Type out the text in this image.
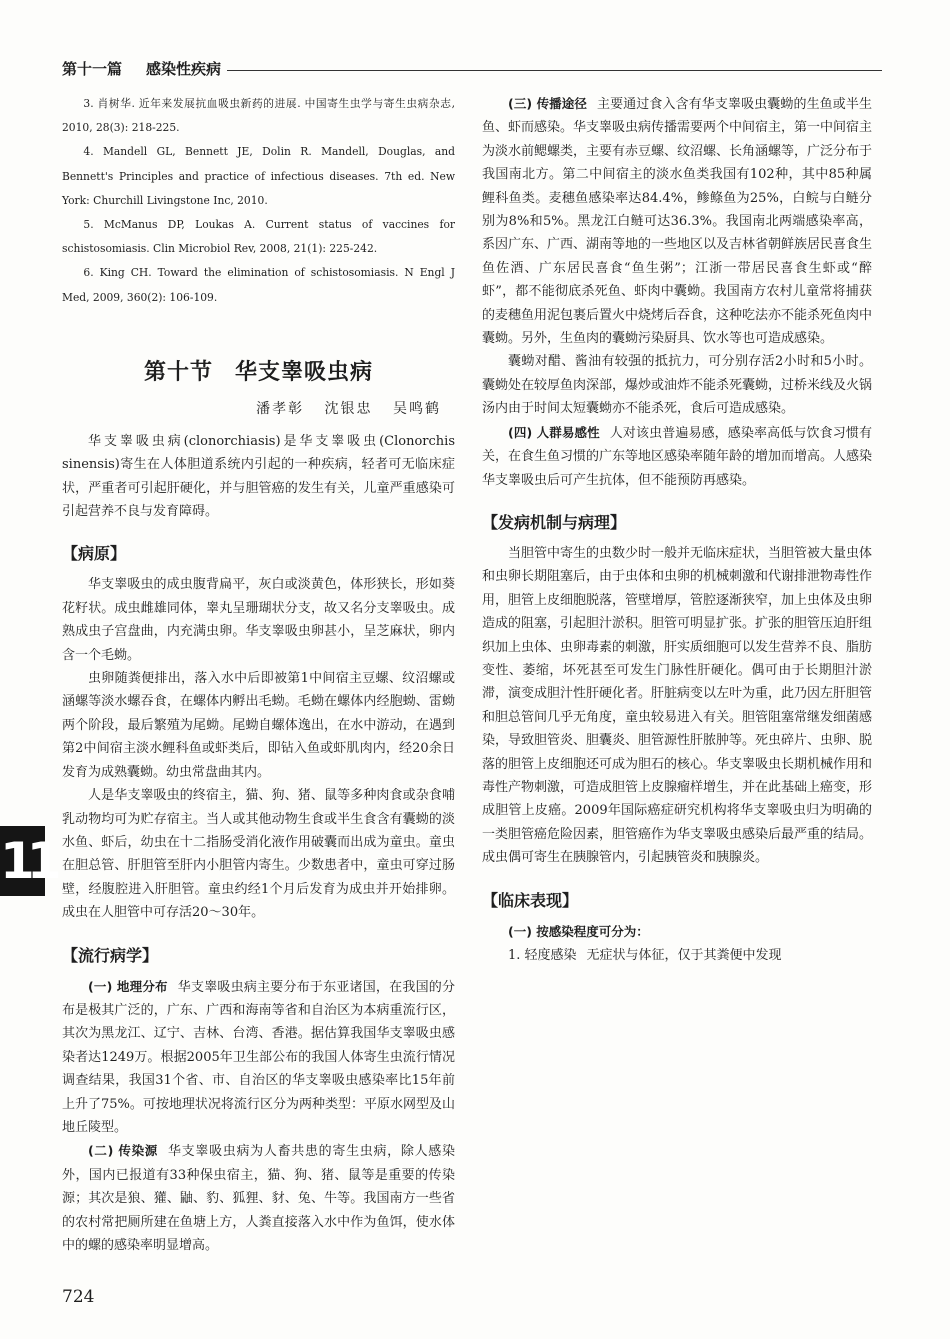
第十一篇 感染性疾病

3. 肖树华. 近年来发展抗血吸虫新药的进展. 中国寄生虫学与寄生虫病杂志, 2010, 28(3): 218-225.

4. Mandell GL, Bennett JE, Dolin R. Mandell, Douglas, and Bennett's Principles and practice of infectious diseases. 7th ed. New York: Churchill Livingstone Inc, 2010.

5. McManus DP, Loukas A. Current status of vaccines for schistosomiasis. Clin Microbiol Rev, 2008, 21(1): 225-242.

6. King CH. Toward the elimination of schistosomiasis. N Engl J Med, 2009, 360(2): 106-109.

第十节 华支睾吸虫病
潘孝彰 沈银忠 吴鸣鹤

华支睾吸虫病(clonorchiasis)是华支睾吸虫(Clonorchis sinensis)寄生在人体胆道系统内引起的一种疾病，轻者可无临床症状，严重者可引起肝硬化，并与胆管癌的发生有关，儿童严重感染可引起营养不良与发育障碍。

【病原】

华支睾吸虫的成虫腹背扁平，灰白或淡黄色，体形狭长，形如葵花籽状。成虫雌雄同体，睾丸呈珊瑚状分支，故又名分支睾吸虫。成熟成虫子宫盘曲，内充满虫卵。华支睾吸虫卵甚小，呈芝麻状，卵内含一个毛蚴。

虫卵随粪便排出，落入水中后即被第1中间宿主豆螺、纹沼螺或涵螺等淡水螺吞食，在螺体内孵出毛蚴。毛蚴在螺体内经胞蚴、雷蚴两个阶段，最后繁殖为尾蚴。尾蚴自螺体逸出，在水中游动，在遇到第2中间宿主淡水鲤科鱼或虾类后，即钻入鱼或虾肌肉内，经20余日发育为成熟囊蚴。幼虫常盘曲其内。

人是华支睾吸虫的终宿主，猫、狗、猪、鼠等多种肉食或杂食哺乳动物均可为贮存宿主。当人或其他动物生食或半生食含有囊蚴的淡水鱼、虾后，幼虫在十二指肠受消化液作用破囊而出成为童虫。童虫在胆总管、肝胆管至肝内小胆管内寄生。少数患者中，童虫可穿过肠壁，经腹腔进入肝胆管。童虫约经1个月后发育为成虫并开始排卵。成虫在人胆管中可存活20～30年。

【流行病学】

(一) 地理分布 华支睾吸虫病主要分布于东亚诸国，在我国的分布是极其广泛的，广东、广西和海南等省和自治区为本病重流行区，其次为黑龙江、辽宁、吉林、台湾、香港。据估算我国华支睾吸虫感染者达1249万。根据2005年卫生部公布的我国人体寄生虫流行情况调查结果，我国31个省、市、自治区的华支睾吸虫感染率比15年前上升了75%。可按地理状况将流行区分为两种类型：平原水网型及山地丘陵型。

(二) 传染源 华支睾吸虫病为人畜共患的寄生虫病，除人感染外，国内已报道有33种保虫宿主，猫、狗、猪、鼠等是重要的传染源；其次是狼、獾、鼬、豹、狐狸、豺、兔、牛等。我国南方一些省的农村常把厕所建在鱼塘上方，人粪直接落入水中作为鱼饵，使水体中的螺的感染率明显增高。

(三) 传播途径 主要通过食入含有华支睾吸虫囊蚴的生鱼或半生鱼、虾而感染。华支睾吸虫病传播需要两个中间宿主，第一中间宿主为淡水前鳃螺类，主要有赤豆螺、纹沼螺、长角涵螺等，广泛分布于我国南北方。第二中间宿主的淡水鱼类我国有102种，其中85种属鲤科鱼类。麦穗鱼感染率达84.4%，鲹鲦鱼为25%，白鲩与白鲢分别为8%和5%。黑龙江白鲢可达36.3%。我国南北两端感染率高，系因广东、广西、湖南等地的一些地区以及吉林省朝鲜族居民喜食生鱼佐酒、广东居民喜食“鱼生粥”；江浙一带居民喜食生虾或“醉虾”，都不能彻底杀死鱼、虾肉中囊蚴。我国南方农村儿童常将捕获的麦穗鱼用泥包裹后置火中烧烤后吞食，这种吃法亦不能杀死鱼肉中囊蚴。另外，生鱼肉的囊蚴污染厨具、饮水等也可造成感染。

囊蚴对醋、酱油有较强的抵抗力，可分别存活2小时和5小时。囊蚴处在较厚鱼肉深部，爆炒或油炸不能杀死囊蚴，过桥米线及火锅汤内由于时间太短囊蚴亦不能杀死，食后可造成感染。

(四) 人群易感性 人对该虫普遍易感，感染率高低与饮食习惯有关，在食生鱼习惯的广东等地区感染率随年龄的增加而增高。人感染华支睾吸虫后可产生抗体，但不能预防再感染。

【发病机制与病理】

当胆管中寄生的虫数少时一般并无临床症状，当胆管被大量虫体和虫卵长期阻塞后，由于虫体和虫卵的机械刺激和代谢排泄物毒性作用，胆管上皮细胞脱落，管壁增厚，管腔逐渐狭窄，加上虫体及虫卵造成的阻塞，引起胆汁淤积。胆管可明显扩张。扩张的胆管压迫肝组织加上虫体、虫卵毒素的刺激，肝实质细胞可以发生营养不良、脂肪变性、萎缩，坏死甚至可发生门脉性肝硬化。偶可由于长期胆汁淤滞，演变成胆汁性肝硬化者。肝脏病变以左叶为重，此乃因左肝胆管和胆总管间几乎无角度，童虫较易进入有关。胆管阻塞常继发细菌感染，导致胆管炎、胆囊炎、胆管源性肝脓肿等。死虫碎片、虫卵、脱落的胆管上皮细胞还可成为胆石的核心。华支睾吸虫长期机械作用和毒性产物刺激，可造成胆管上皮腺瘤样增生，并在此基础上癌变，形成胆管上皮癌。2009年国际癌症研究机构将华支睾吸虫归为明确的一类胆管癌危险因素，胆管癌作为华支睾吸虫感染后最严重的结局。成虫偶可寄生在胰腺管内，引起胰管炎和胰腺炎。

【临床表现】

(一) 按感染程度可分为：

1. 轻度感染 无症状与体征，仅于其粪便中发现

11
724
